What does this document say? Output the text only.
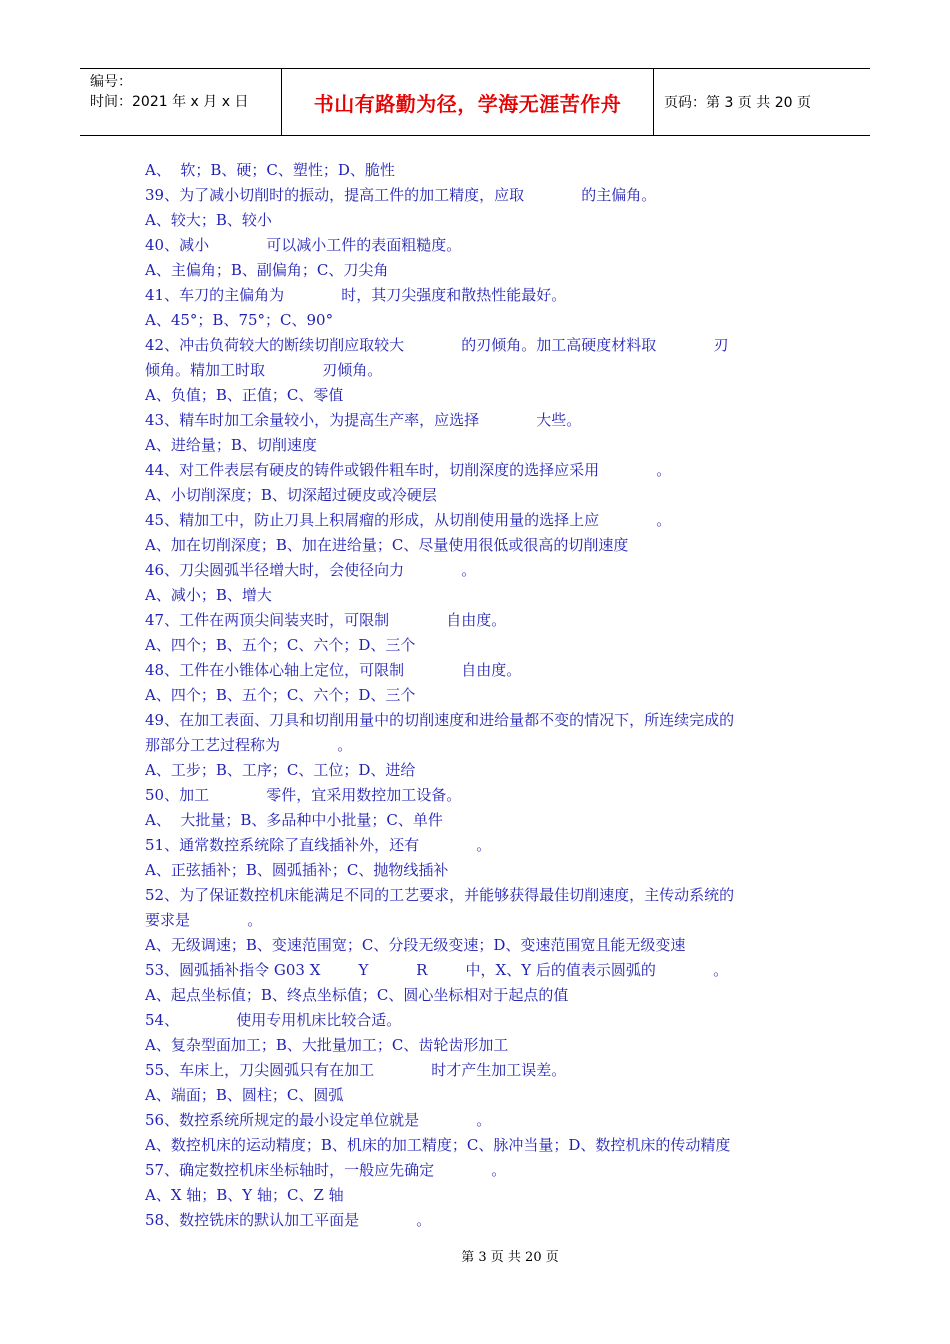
编号：
时间：2021 年 x 月 x 日	书山有路勤为径，学海无涯苦作舟	页码：第 3 页 共 20 页
A、  软；B、硬；C、塑性；D、脆性
39、为了减小切削时的振动，提高工件的加工精度，应取            的主偏角。
A、较大；B、较小
40、减小            可以减小工件的表面粗糙度。
A、主偏角；B、副偏角；C、刀尖角
41、车刀的主偏角为            时，其刀尖强度和散热性能最好。
A、45°；B、75°；C、90°
42、冲击负荷较大的断续切削应取较大            的刃倾角。加工高硬度材料取            刃
倾角。精加工时取            刃倾角。
A、负值；B、正值；C、零值
43、精车时加工余量较小，为提高生产率，应选择            大些。
A、进给量；B、切削速度
44、对工件表层有硬皮的铸件或锻件粗车时，切削深度的选择应采用            。
A、小切削深度；B、切深超过硬皮或冷硬层
45、精加工中，防止刀具上积屑瘤的形成，从切削使用量的选择上应            。
A、加在切削深度；B、加在进给量；C、尽量使用很低或很高的切削速度
46、刀尖圆弧半径增大时，会使径向力            。
A、减小；B、增大
47、工件在两顶尖间装夹时，可限制            自由度。
A、四个；B、五个；C、六个；D、三个
48、工件在小锥体心轴上定位，可限制            自由度。
A、四个；B、五个；C、六个；D、三个
49、在加工表面、刀具和切削用量中的切削速度和进给量都不变的情况下，所连续完成的
那部分工艺过程称为            。
A、工步；B、工序；C、工位；D、进给
50、加工            零件，宜采用数控加工设备。
A、  大批量；B、多品种中小批量；C、单件
51、通常数控系统除了直线插补外，还有            。
A、正弦插补；B、圆弧插补；C、抛物线插补
52、为了保证数控机床能满足不同的工艺要求，并能够获得最佳切削速度，主传动系统的
要求是            。
A、无级调速；B、变速范围宽；C、分段无级变速；D、变速范围宽且能无级变速
53、圆弧插补指令 G03 X        Y          R        中，X、Y 后的值表示圆弧的            。
A、起点坐标值；B、终点坐标值；C、圆心坐标相对于起点的值
54、            使用专用机床比较合适。
A、复杂型面加工；B、大批量加工；C、齿轮齿形加工
55、车床上，刀尖圆弧只有在加工            时才产生加工误差。
A、端面；B、圆柱；C、圆弧
56、数控系统所规定的最小设定单位就是            。
A、数控机床的运动精度；B、机床的加工精度；C、脉冲当量；D、数控机床的传动精度
57、确定数控机床坐标轴时，一般应先确定            。
A、X 轴；B、Y 轴；C、Z 轴
58、数控铣床的默认加工平面是            。
第 3 页 共 20 页
